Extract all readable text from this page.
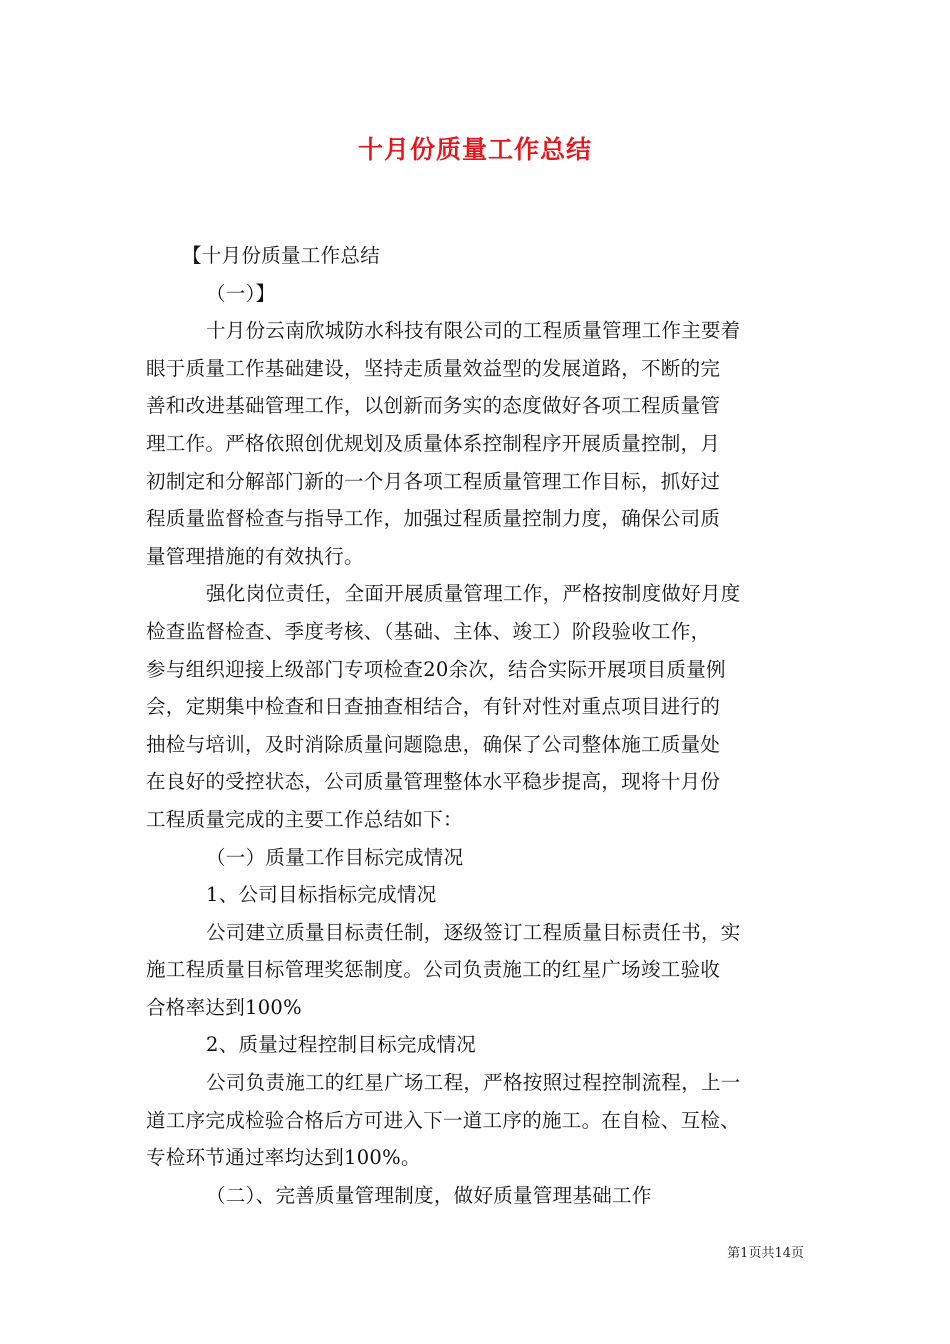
十月份质量工作总结
【十月份质量工作总结
（一）】
十月份云南欣城防水科技有限公司的工程质量管理工作主要着
眼于质量工作基础建设，坚持走质量效益型的发展道路，不断的完
善和改进基础管理工作，以创新而务实的态度做好各项工程质量管
理工作。严格依照创优规划及质量体系控制程序开展质量控制，月
初制定和分解部门新的一个月各项工程质量管理工作目标，抓好过
程质量监督检查与指导工作，加强过程质量控制力度，确保公司质
量管理措施的有效执行。
强化岗位责任，全面开展质量管理工作，严格按制度做好月度
检查监督检查、季度考核、（基础、主体、竣工）阶段验收工作，
参与组织迎接上级部门专项检查20余次，结合实际开展项目质量例
会，定期集中检查和日查抽查相结合，有针对性对重点项目进行的
抽检与培训，及时消除质量问题隐患，确保了公司整体施工质量处
在良好的受控状态，公司质量管理整体水平稳步提高，现将十月份
工程质量完成的主要工作总结如下：
（一）质量工作目标完成情况
1、公司目标指标完成情况
公司建立质量目标责任制，逐级签订工程质量目标责任书，实
施工程质量目标管理奖惩制度。公司负责施工的红星广场竣工验收
合格率达到100%
2、质量过程控制目标完成情况
公司负责施工的红星广场工程，严格按照过程控制流程，上一
道工序完成检验合格后方可进入下一道工序的施工。在自检、互检、
专检环节通过率均达到100%。
（二）、完善质量管理制度，做好质量管理基础工作
第1页共14页
